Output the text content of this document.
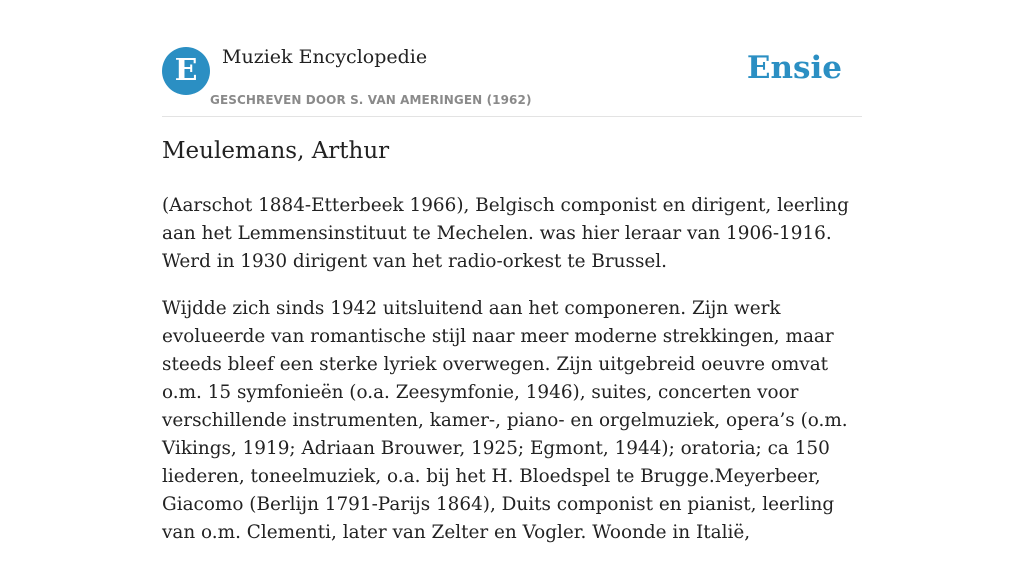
E	Muziek Encyclopedie
GESCHREVEN DOOR S. VAN AMERINGEN (1962)
Ensie
Meulemans, Arthur

(Aarschot 1884-Etterbeek 1966), Belgisch componist en dirigent, leerling aan het Lemmensinstituut te Mechelen. was hier leraar van 1906-1916. Werd in 1930 dirigent van het radio-orkest te Brussel.

Wijdde zich sinds 1942 uitsluitend aan het componeren. Zijn werk evolueerde van romantische stijl naar meer moderne strekkingen, maar steeds bleef een sterke lyriek overwegen. Zijn uitgebreid oeuvre omvat o.m. 15 symfonieën (o.a. Zeesymfonie, 1946), suites, concerten voor verschillende instrumenten, kamer-, piano- en orgelmuziek, opera’s (o.m. Vikings, 1919; Adriaan Brouwer, 1925; Egmont, 1944); oratoria; ca 150 liederen, toneelmuziek, o.a. bij het H. Bloedspel te Brugge.Meyerbeer, Giacomo (Berlijn 1791-Parijs 1864), Duits componist en pianist, leerling van o.m. Clementi, later van Zelter en Vogler. Woonde in Italië,
